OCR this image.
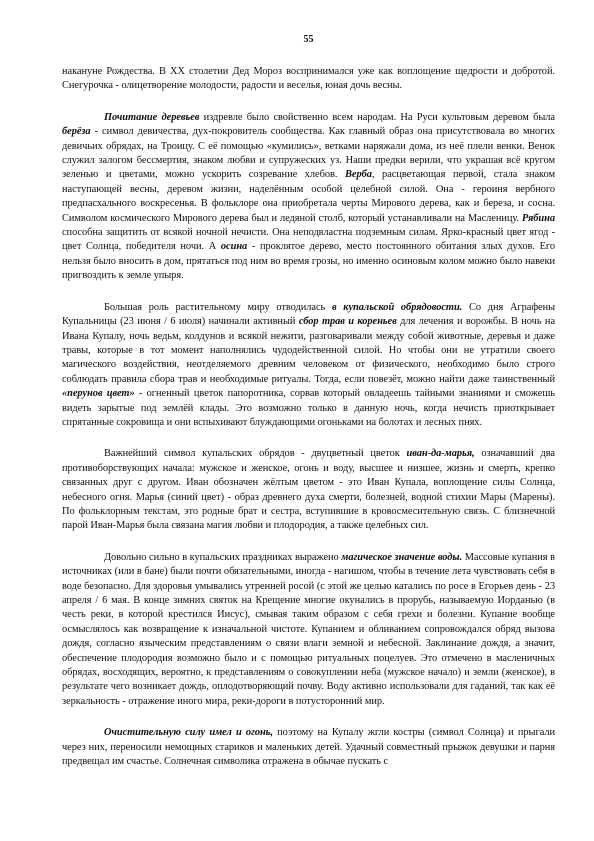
55

накануне Рождества. В XX столетии Дед Мороз воспринимался уже как воплощение щедрости и добротой. Снегурочка - олицетворение молодости, радости и веселья, юная дочь весны.

Почитание деревьев издревле было свойственно всем народам. На Руси культовым деревом была берёза - символ девичества, дух-покровитель сообщества. Как главный образ она присутствовала во многих девичьих обрядах, на Троицу. С её помощью «кумились», ветками наряжали дома, из неё плели венки. Венок служил залогом бессмертия, знаком любви и супружеских уз. Наши предки верили, что украшая всё кругом зеленью и цветами, можно ускорить созревание хлебов. Верба, расцветающая первой, стала знаком наступающей весны, деревом жизни, наделённым особой целебной силой. Она - героиня вербного предпасхального воскресенья. В фольклоре она приобретала черты Мирового дерева, как и береза, и сосна. Символом космического Мирового дерева был и ледяной столб, который устанавливали на Масленицу. Рябина способна защитить от всякой ночной нечисти. Она неподвластна подземным силам. Ярко-красный цвет ягод - цвет Солнца, победителя ночи. А осина - проклятое дерево, место постоянного обитания злых духов. Его нельзя было вносить в дом, прятаться под ним во время грозы, но именно осиновым колом можно было навеки пригвоздить к земле упыря.

Большая роль растительному миру отводилась в купальской обрядовости. Со дня Аграфены Купальницы (23 июня / 6 июля) начинали активный сбор трав и кореньев для лечения и ворожбы. В ночь на Ивана Купалу, ночь ведьм, колдунов и всякой нежити, разговаривали между собой животные, деревья и даже травы, которые в тот момент наполнялись чудодейственной силой. Но чтобы они не утратили своего магического воздействия, неотделяемого древним человеком от физического, необходимо было строго соблюдать правила сбора трав и необходимые ритуалы. Тогда, если повезёт, можно найти даже таинственный «перунов цвет» - огненный цветок папоротника, сорвав который овладеешь тайными знаниями и сможешь видеть зарытые под землёй клады. Это возможно только в данную ночь, когда нечисть приоткрывает спрятанные сокровища и они вспыхивают блуждающими огоньками на болотах и лесных пнях.

Важнейший символ купальских обрядов - двуцветный цветок иван-да-марья, означавший два противоборствующих начала: мужское и женское, огонь и воду, высшее и низшее, жизнь и смерть, крепко связанных друг с другом. Иван обозначен жёлтым цветом - это Иван Купала, воплощение силы Солнца, небесного огня. Марья (синий цвет) - образ древнего духа смерти, болезней, водной стихии Мары (Марены). По фольклорным текстам, это родные брат и сестра, вступившие в кровосмесительную связь. С близнечной парой Иван-Марья была связана магия любви и плодородия, а также целебных сил.

Довольно сильно в купальских праздниках выражено магическое значение воды. Массовые купания в источниках (или в бане) были почти обязательными, иногда - нагишом, чтобы в течение лета чувствовать себя в воде безопасно. Для здоровья умывались утренней росой (с этой же целью катались по росе в Егорьев день - 23 апреля / 6 мая. В конце зимних святок на Крещение многие окунались в прорубь, называемую Иорданью (в честь реки, в которой крестился Иисус), смывая таким образом с себя грехи и болезни. Купание вообще осмыслялось как возвращение к изначальной чистоте. Купанием и обливанием сопровождался обряд вызова дождя, согласно языческим представлениям о связи влаги земной и небесной. Заклинание дождя, а значит, обеспечение плодородия возможно было и с помощью ритуальных поцелуев. Это отмечено в масленичных обрядах, восходящих, вероятно, к представлениям о совокуплении неба (мужское начало) и земли (женское), в результате чего возникает дождь, оплодотворяющий почву. Воду активно использовали для гаданий, так как её зеркальность - отражение иного мира, реки-дороги в потусторонний мир.

Очистительную силу имел и огонь, поэтому на Купалу жгли костры (символ Солнца) и прыгали через них, переносили немощных стариков и маленьких детей. Удачный совместный прыжок девушки и парня предвещал им счастье. Солнечная символика отражена в обычае пускать с
